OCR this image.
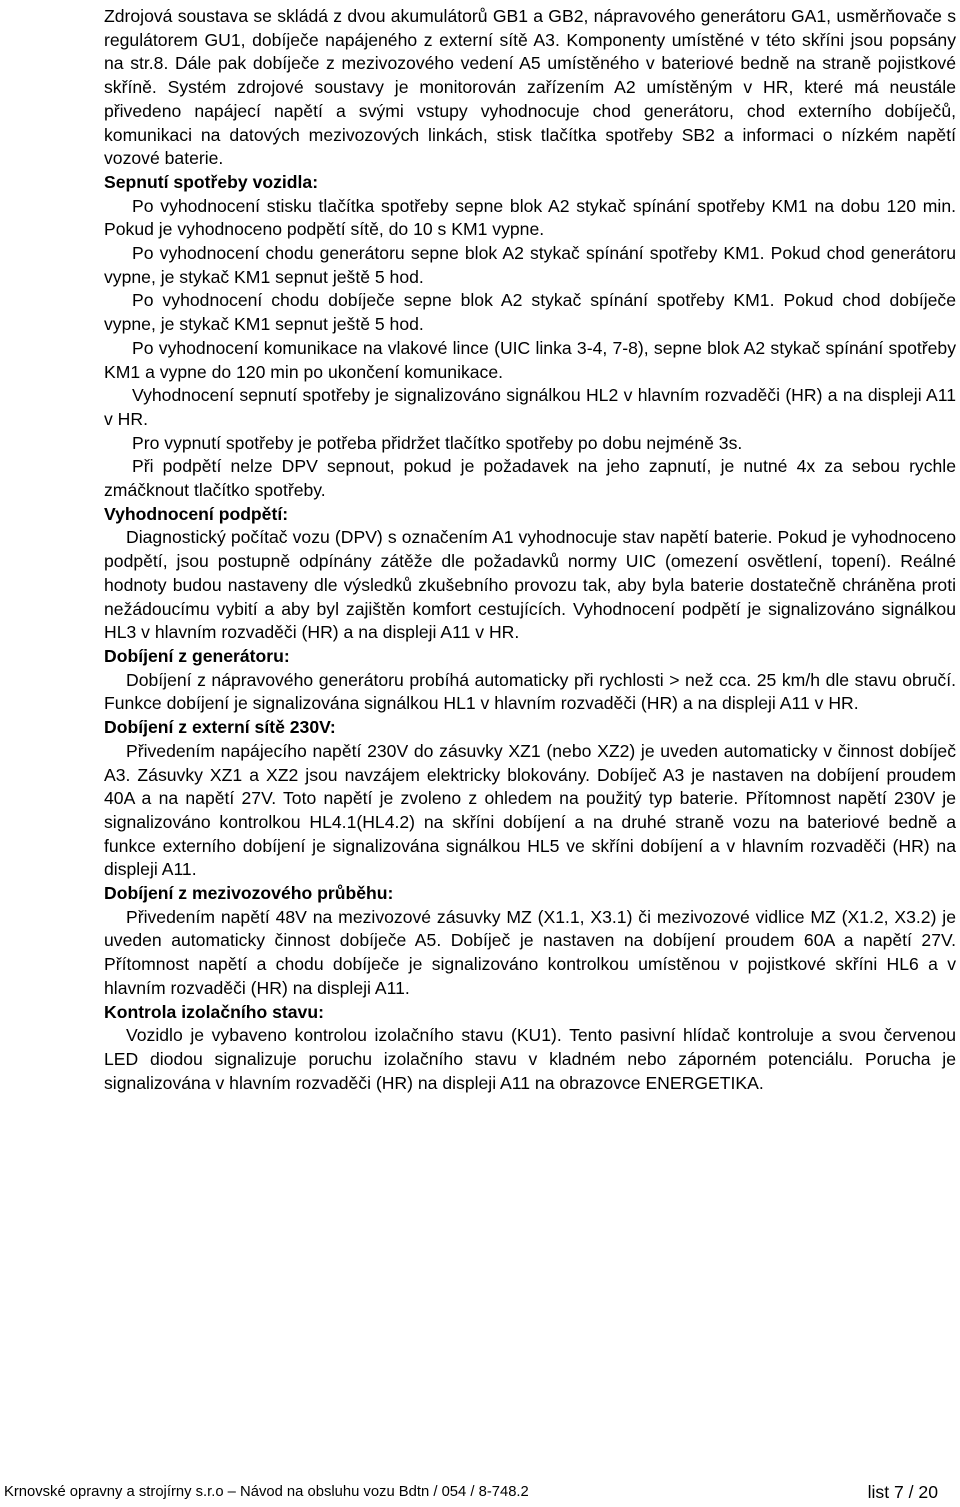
Zdrojová soustava se skládá z dvou akumulátorů GB1 a GB2, nápravového generátoru GA1, usměrňovače s regulátorem GU1, dobíječe napájeného z externí sítě A3. Komponenty umístěné v této skříni jsou popsány na str.8. Dále pak dobíječe z mezivozového vedení A5 umístěného v bateriové bedně na straně pojistkové skříně. Systém zdrojové soustavy je monitorován zařízením A2 umístěným v HR, které má neustále přivedeno napájecí napětí a svými vstupy vyhodnocuje chod generátoru, chod externího dobíječů, komunikaci na datových mezivozových linkách, stisk tlačítka spotřeby SB2 a informaci o nízkém napětí vozové baterie.

Sepnutí spotřeby vozidla:

Po vyhodnocení stisku tlačítka spotřeby sepne blok A2 stykač spínání spotřeby KM1 na dobu 120 min. Pokud je vyhodnoceno podpětí sítě, do 10 s KM1 vypne.

Po vyhodnocení chodu generátoru sepne blok A2 stykač spínání spotřeby KM1. Pokud chod generátoru vypne, je stykač KM1 sepnut ještě 5 hod.

Po vyhodnocení chodu dobíječe sepne blok A2 stykač spínání spotřeby KM1. Pokud chod dobíječe vypne, je stykač KM1 sepnut ještě 5 hod.

Po vyhodnocení komunikace na vlakové lince (UIC linka 3-4, 7-8), sepne blok A2 stykač spínání spotřeby KM1 a vypne do 120 min po ukončení komunikace.

Vyhodnocení sepnutí spotřeby je signalizováno signálkou HL2 v hlavním rozvaděči (HR) a na displeji A11 v HR.

Pro vypnutí spotřeby je potřeba přidržet tlačítko spotřeby po dobu nejméně 3s.

Při podpětí nelze DPV sepnout, pokud je požadavek na jeho zapnutí, je nutné 4x za sebou rychle zmáčknout tlačítko spotřeby.

Vyhodnocení podpětí:

Diagnostický počítač vozu (DPV) s označením A1 vyhodnocuje stav napětí baterie. Pokud je vyhodnoceno podpětí, jsou postupně odpínány zátěže dle požadavků normy UIC (omezení osvětlení, topení). Reálné hodnoty budou nastaveny dle výsledků zkušebního provozu tak, aby byla baterie dostatečně chráněna proti nežádoucímu vybití a aby byl zajištěn komfort cestujících. Vyhodnocení podpětí je signalizováno signálkou HL3 v hlavním rozvaděči (HR) a na displeji A11 v HR.

Dobíjení z generátoru:

Dobíjení z nápravového generátoru probíhá automaticky při rychlosti > než cca. 25 km/h dle stavu obručí. Funkce dobíjení je signalizována signálkou HL1 v hlavním rozvaděči (HR) a na displeji A11 v HR.

Dobíjení z externí sítě 230V:

Přivedením napájecího napětí 230V do zásuvky XZ1 (nebo XZ2) je uveden automaticky v činnost dobíječ A3. Zásuvky XZ1 a XZ2 jsou navzájem elektricky blokovány. Dobíječ A3 je nastaven na dobíjení proudem 40A a na napětí 27V. Toto napětí je zvoleno z ohledem na použitý typ baterie. Přítomnost napětí 230V je signalizováno kontrolkou HL4.1(HL4.2) na skříni dobíjení a na druhé straně vozu na bateriové bedně a funkce externího dobíjení je signalizována signálkou HL5 ve skříni dobíjení a v hlavním rozvaděči (HR) na displeji A11.

Dobíjení z mezivozového průběhu:

Přivedením napětí 48V na mezivozové zásuvky MZ (X1.1, X3.1) či mezivozové vidlice MZ (X1.2, X3.2) je uveden automaticky činnost dobíječe A5. Dobíječ je nastaven na dobíjení proudem 60A a napětí 27V. Přítomnost napětí a chodu dobíječe je signalizováno kontrolkou umístěnou v pojistkové skříni HL6 a v hlavním rozvaděči (HR) na displeji A11.

Kontrola izolačního stavu:

Vozidlo je vybaveno kontrolou izolačního stavu (KU1). Tento pasivní hlídač kontroluje a svou červenou LED diodou signalizuje poruchu izolačního stavu v kladném nebo záporném potenciálu. Porucha je signalizována v hlavním rozvaděči (HR) na displeji A11 na obrazovce ENERGETIKA.

Krnovské opravny a strojírny s.r.o – Návod na obsluhu vozu Bdtn / 054 / 8-748.2	list 7 / 20
